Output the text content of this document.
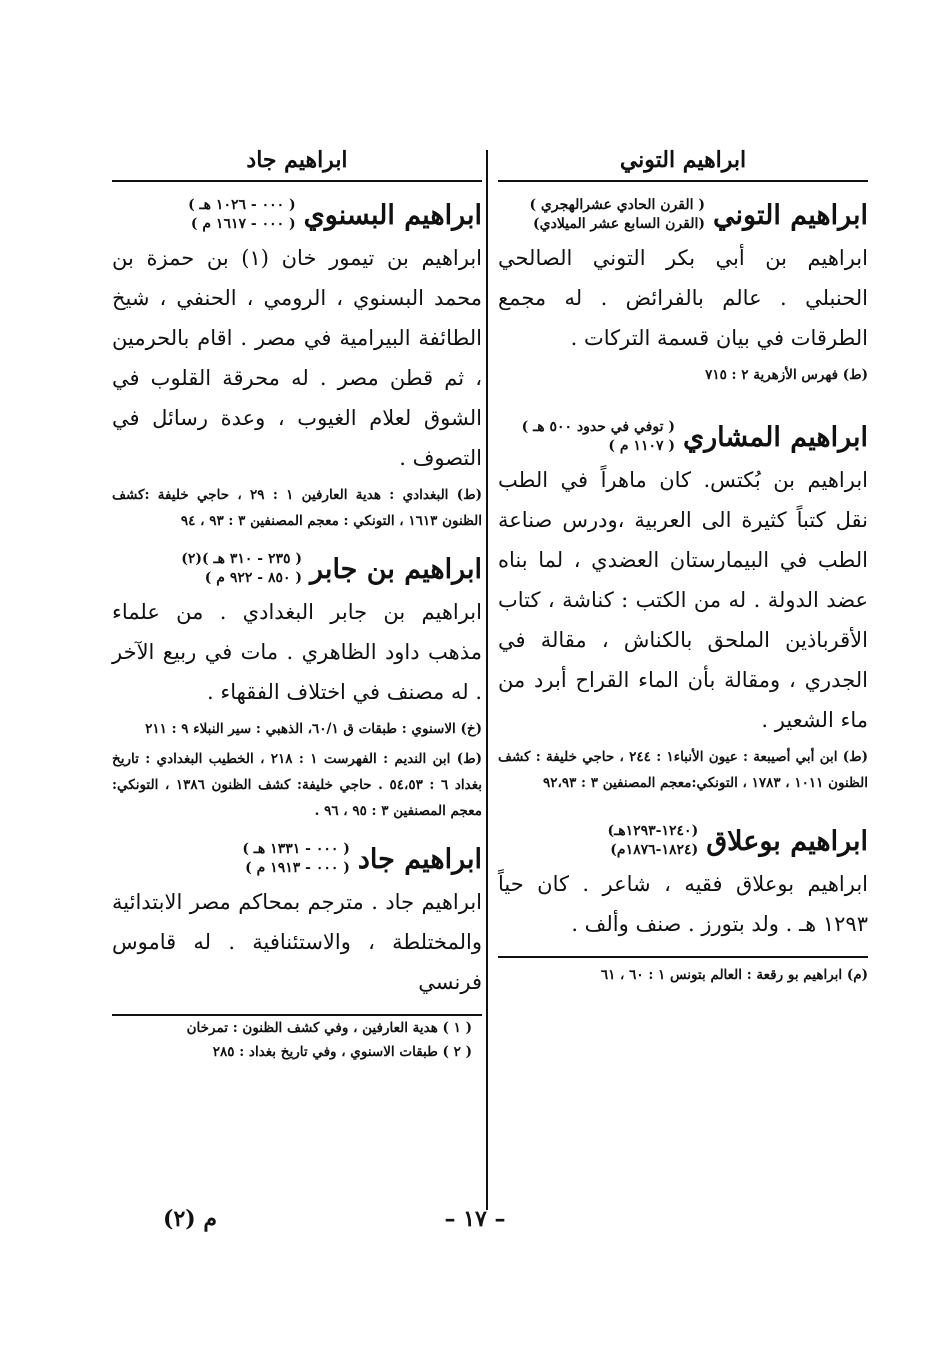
ابراهيم التوني
ابراهيم التوني
( القرن الحادي عشرالهجري )
(القرن السابع عشر الميلادي)
ابراهيم بن أبي بكر التوني الصالحي الحنبلي . عالم بالفرائض . له مجمع الطرقات في بيان قسمة التركات .
(ط) فهرس الأزهرية ٢ : ٧١٥
ابراهيم المشاري
( توفي في حدود ٥٠٠ هـ )
( ١١٠٧ م )
ابراهيم بن بُكتس. كان ماهراً في الطب نقل كتباً كثيرة الى العربية ،ودرس صناعة الطب في البيمارستان العضدي ، لما بناه عضد الدولة . له من الكتب : كناشة ، كتاب الأقرباذين الملحق بالكناش ، مقالة في الجدري ، ومقالة بأن الماء القراح أبرد من ماء الشعير .
(ط) ابن أبي أصيبعة : عيون الأنباء١ : ٢٤٤ ، حاجي خليفة : كشف الظنون ١٠١١ ، ١٧٨٣ ، التونكي:معجم المصنفين ٣ : ٩٢،٩٣
ابراهيم بوعلاق
(١٢٤٠-١٢٩٣هـ)
(١٨٢٤-١٨٧٦م)
ابراهيم بوعلاق فقيه ، شاعر . كان حياً ١٢٩٣ هـ . ولد بتورز . صنف وألف .
(م) ابراهيم بو رقعة : العالم بتونس ١ : ٦٠ ، ٦١
ابراهيم جاد
ابراهيم البسنوي
( ٠٠٠ - ١٠٢٦ هـ )
( ٠٠٠ - ١٦١٧ م )
ابراهيم بن تيمور خان (١) بن حمزة بن محمد البسنوي ، الرومي ، الحنفي ، شيخ الطائفة البيرامية في مصر . اقام بالحرمين ، ثم قطن مصر . له محرقة القلوب في الشوق لعلام الغيوب ، وعدة رسائل في التصوف .
(ط) البغدادي : هدية العارفين ١ : ٢٩ ، حاجي خليفة :كشف الظنون ١٦١٣ ، التونكي : معجم المصنفين ٣ : ٩٣ ، ٩٤
ابراهيم بن جابر
( ٢٣٥ - ٣١٠ هـ )(٢)
( ٨٥٠ - ٩٢٢ م )
ابراهيم بن جابر البغدادي . من علماء مذهب داود الظاهري . مات في ربيع الآخر . له مصنف في اختلاف الفقهاء .
(خ) الاسنوي : طبقات ق ٦٠/١، الذهبي : سير النبلاء ٩ : ٢١١
(ط) ابن النديم : الفهرست ١ : ٢١٨ ، الخطيب البغدادي : تاريخ بغداد ٦ : ٥٤،٥٣ . حاجي خليفة: كشف الظنون ١٣٨٦ ، التونكي: معجم المصنفين ٣ : ٩٥ ، ٩٦ .
ابراهيم جاد
( ٠٠٠ - ١٣٣١ هـ )
( ٠٠٠ - ١٩١٣ م )
ابراهيم جاد . مترجم بمحاكم مصر الابتدائية والمختلطة ، والاستئنافية . له قاموس فرنسي
( ١ ) هدية العارفين ، وفي كشف الظنون : تمرخان
( ٢ ) طبقات الاسنوي ، وفي تاريخ بغداد : ٢٨٥
– ١٧ –
م (٢)
